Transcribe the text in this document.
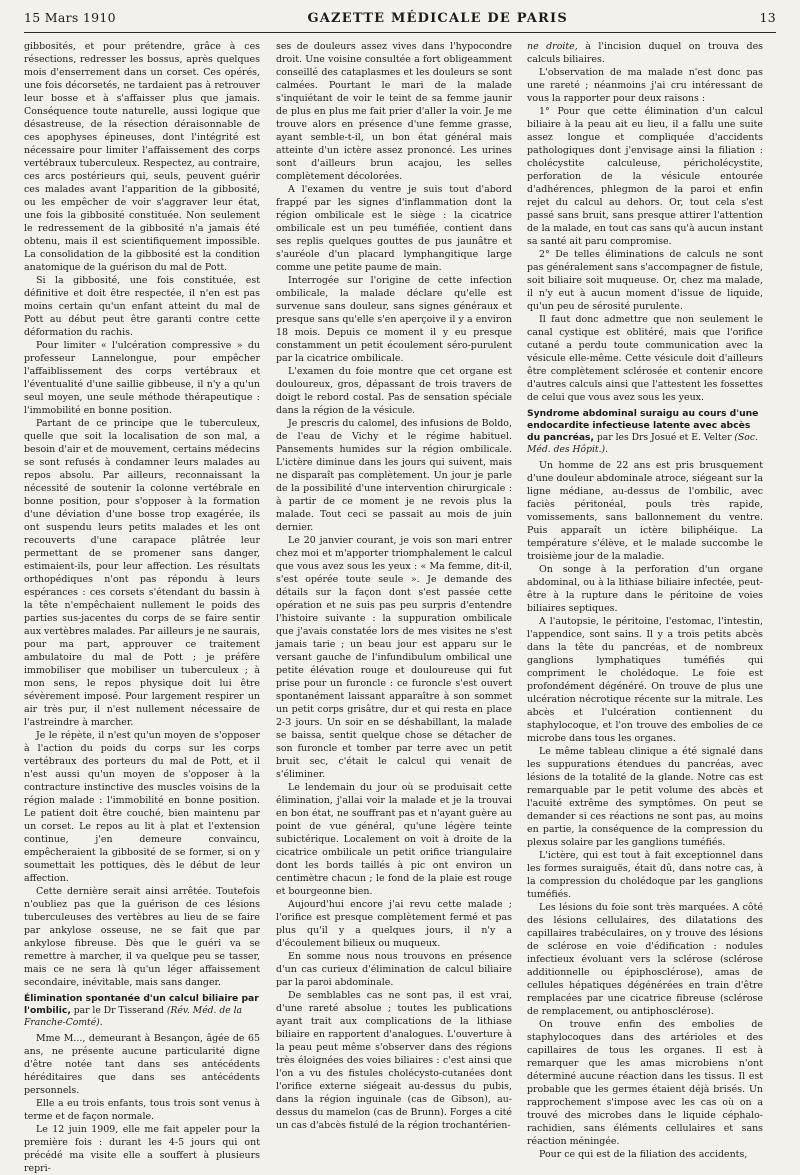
15 Mars 1910	GAZETTE MÉDICALE DE PARIS	13

gibbosités, et pour prétendre, grâce à ces résections, redresser les bossus, après quelques mois d'enserrement dans un corset. Ces opérés, une fois décorsetés, ne tardaient pas à retrouver leur bosse et à s'affaisser plus que jamais. Conséquence toute naturelle, aussi logique que désastreuse, de la résection déraisonnable de ces apophyses épineuses, dont l'intégrité est nécessaire pour limiter l'affaissement des corps vertébraux tuberculeux. Respectez, au contraire, ces arcs postérieurs qui, seuls, peuvent guérir ces malades avant l'apparition de la gibbosité, ou les empêcher de voir s'aggraver leur état, une fois la gibbosité constituée. Non seulement le redressement de la gibbosité n'a jamais été obtenu, mais il est scientifiquement impossible. La consolidation de la gibbosité est la condition anatomique de la guérison du mal de Pott.

Si la gibbosité, une fois constituée, est définitive et doit être respectée, il n'en est pas moins certain qu'un enfant atteint du mal de Pott au début peut être garanti contre cette déformation du rachis.

Pour limiter « l'ulcération compressive » du professeur Lannelongue, pour empêcher l'affaiblissement des corps vertébraux et l'éventualité d'une saillie gibbeuse, il n'y a qu'un seul moyen, une seule méthode thérapeutique : l'immobilité en bonne position.

Partant de ce principe que le tuberculeux, quelle que soit la localisation de son mal, a besoin d'air et de mouvement, certains médecins se sont refusés à condamner leurs malades au repos absolu. Par ailleurs, reconnaissant la nécessité de soutenir la colonne vertébrale en bonne position, pour s'opposer à la formation d'une déviation d'une bosse trop exagérée, ils ont suspendu leurs petits malades et les ont recouverts d'une carapace plâtrée leur permettant de se promener sans danger, estimaient-ils, pour leur affection. Les résultats orthopédiques n'ont pas répondu à leurs espérances : ces corsets s'étendant du bassin à la tête n'empêchaient nullement le poids des parties sus-jacentes du corps de se faire sentir aux vertèbres malades. Par ailleurs je ne saurais, pour ma part, approuver ce traitement ambulatoire du mal de Pott ; je préfère immobiliser que mobiliser un tuberculeux ; à mon sens, le repos physique doit lui être sévèrement imposé. Pour largement respirer un air très pur, il n'est nullement nécessaire de l'astreindre à marcher.

Je le répète, il n'est qu'un moyen de s'opposer à l'action du poids du corps sur les corps vertébraux des porteurs du mal de Pott, et il n'est aussi qu'un moyen de s'opposer à la contracture instinctive des muscles voisins de la région malade : l'immobilité en bonne position. Le patient doit être couché, bien maintenu par un corset. Le repos au lit à plat et l'extension continue, j'en demeure convaincu, empêcheraient la gibbosité de se former, si on y soumettait les pottiques, dès le début de leur affection.

Cette dernière serait ainsi arrêtée. Toutefois n'oubliez pas que la guérison de ces lésions tuberculeuses des vertèbres au lieu de se faire par ankylose osseuse, ne se fait que par ankylose fibreuse. Dès que le guéri va se remettre à marcher, il va quelque peu se tasser, mais ce ne sera là qu'un léger affaissement secondaire, inévitable, mais sans danger.

Élimination spontanée d'un calcul biliaire par l'ombilic, par le Dr Tisserand (Rév. Méd. de la Franche-Comté).

Mme M..., demeurant à Besançon, âgée de 65 ans, ne présente aucune particularité digne d'être notée tant dans ses antécédents héréditaires que dans ses antécédents personnels.

Elle a eu trois enfants, tous trois sont venus à terme et de façon normale.

Le 12 juin 1909, elle me fait appeler pour la première fois : durant les 4-5 jours qui ont précédé ma visite elle a souffert à plusieurs repri-

ses de douleurs assez vives dans l'hypocondre droit. Une voisine consultée a fort obligeamment conseillé des cataplasmes et les douleurs se sont calmées. Pourtant le mari de la malade s'inquiétant de voir le teint de sa femme jaunir de plus en plus me fait prier d'aller la voir. Je me trouve alors en présence d'une femme grasse, ayant semble-t-il, un bon état général mais atteinte d'un ictère assez prononcé. Les urines sont d'ailleurs brun acajou, les selles complètement décolorées.

A l'examen du ventre je suis tout d'abord frappé par les signes d'inflammation dont la région ombilicale est le siège : la cicatrice ombilicale est un peu tuméfiée, contient dans ses replis quelques gouttes de pus jaunâtre et s'auréole d'un placard lymphangitique large comme une petite paume de main.

Interrogée sur l'origine de cette infection ombilicale, la malade déclare qu'elle est survenue sans douleur, sans signes généraux et presque sans qu'elle s'en aperçoive il y a environ 18 mois. Depuis ce moment il y eu presque constamment un petit écoulement séro-purulent par la cicatrice ombilicale.

L'examen du foie montre que cet organe est douloureux, gros, dépassant de trois travers de doigt le rebord costal. Pas de sensation spéciale dans la région de la vésicule.

Je prescris du calomel, des infusions de Boldo, de l'eau de Vichy et le régime habituel. Pansements humides sur la région ombilicale. L'ictère diminue dans les jours qui suivent, mais ne disparaît pas complètement. Un jour je parle de la possibilité d'une intervention chirurgicale : à partir de ce moment je ne revois plus la malade. Tout ceci se passait au mois de juin dernier.

Le 20 janvier courant, je vois son mari entrer chez moi et m'apporter triomphalement le calcul que vous avez sous les yeux : « Ma femme, dit-il, s'est opérée toute seule ». Je demande des détails sur la façon dont s'est passée cette opération et ne suis pas peu surpris d'entendre l'histoire suivante : la suppuration ombilicale que j'avais constatée lors de mes visites ne s'est jamais tarie ; un beau jour est apparu sur le versant gauche de l'infundibulum ombilical une petite élévation rouge et douloureuse qui fut prise pour un furoncle : ce furoncle s'est ouvert spontanément laissant apparaître à son sommet un petit corps grisâtre, dur et qui resta en place 2-3 jours. Un soir en se déshabillant, la malade se baissa, sentit quelque chose se détacher de son furoncle et tomber par terre avec un petit bruit sec, c'était le calcul qui venait de s'éliminer.

Le lendemain du jour où se produisait cette élimination, j'allai voir la malade et je la trouvai en bon état, ne souffrant pas et n'ayant guère au point de vue général, qu'une légère teinte subictérique. Localement on voit à droite de la cicatrice ombilicale un petit orifice triangulaire dont les bords taillés à pic ont environ un centimètre chacun ; le fond de la plaie est rouge et bourgeonne bien.

Aujourd'hui encore j'ai revu cette malade ; l'orifice est presque complètement fermé et pas plus qu'il y a quelques jours, il n'y a d'écoulement bilieux ou muqueux.

En somme nous nous trouvons en présence d'un cas curieux d'élimination de calcul biliaire par la paroi abdominale.

De semblables cas ne sont pas, il est vrai, d'une rareté absolue ; toutes les publications ayant trait aux complications de la lithiase biliaire en rapportent d'analogues. L'ouverture à la peau peut même s'observer dans des régions très éloignées des voies biliaires : c'est ainsi que l'on a vu des fistules cholécysto-cutanées dont l'orifice externe siégeait au-dessus du pubis, dans la région inguinale (cas de Gibson), au-dessus du mamelon (cas de Brunn). Forges a cité un cas d'abcès fistulé de la région trochantérien-

ne droite, à l'incision duquel on trouva des calculs biliaires.

L'observation de ma malade n'est donc pas une rareté ; néanmoins j'ai cru intéressant de vous la rapporter pour deux raisons :

1° Pour que cette élimination d'un calcul biliaire à la peau ait eu lieu, il a fallu une suite assez longue et compliquée d'accidents pathologiques dont j'envisage ainsi la filiation : cholécystite calculeuse, péricholécystite, perforation de la vésicule entourée d'adhérences, phlegmon de la paroi et enfin rejet du calcul au dehors. Or, tout cela s'est passé sans bruit, sans presque attirer l'attention de la malade, en tout cas sans qu'à aucun instant sa santé ait paru compromise.

2° De telles éliminations de calculs ne sont pas généralement sans s'accompagner de fistule, soit biliaire soit muqueuse. Or, chez ma malade, il n'y eut à aucun moment d'issue de liquide, qu'un peu de sérosité purulente.

Il faut donc admettre que non seulement le canal cystique est oblitéré, mais que l'orifice cutané a perdu toute communication avec la vésicule elle-même. Cette vésicule doit d'ailleurs être complètement sclérosée et contenir encore d'autres calculs ainsi que l'attestent les fossettes de celui que vous avez sous les yeux.

Syndrome abdominal suraigu au cours d'une endocardite infectieuse latente avec abcès du pancréas, par les Drs Josué et E. Velter (Soc. Méd. des Hôpit.).

Un homme de 22 ans est pris brusquement d'une douleur abdominale atroce, siégeant sur la ligne médiane, au-dessus de l'ombilic, avec faciès péritonéal, pouls très rapide, vomissements, sans ballonnement du ventre. Puis apparaît un ictère biliphéique. La température s'élève, et le malade succombe le troisième jour de la maladie.

On songe à la perforation d'un organe abdominal, ou à la lithiase biliaire infectée, peut-être à la rupture dans le péritoine de voies biliaires septiques.

A l'autopsie, le péritoine, l'estomac, l'intestin, l'appendice, sont sains. Il y a trois petits abcès dans la tête du pancréas, et de nombreux ganglions lymphatiques tuméfiés qui compriment le cholédoque. Le foie est profondément dégénéré. On trouve de plus une ulcération nécrotique récente sur la mitrale. Les abcès et l'ulcération contiennent du staphylocoque, et l'on trouve des embolies de ce microbe dans tous les organes.

Le même tableau clinique a été signalé dans les suppurations étendues du pancréas, avec lésions de la totalité de la glande. Notre cas est remarquable par le petit volume des abcès et l'acuité extrême des symptômes. On peut se demander si ces réactions ne sont pas, au moins en partie, la conséquence de la compression du plexus solaire par les ganglions tuméfiés.

L'ictère, qui est tout à fait exceptionnel dans les formes suraiguës, était dû, dans notre cas, à la compression du cholédoque par les ganglions tuméfiés.

Les lésions du foie sont très marquées. A côté des lésions cellulaires, des dilatations des capillaires trabéculaires, on y trouve des lésions de sclérose en voie d'édification : nodules infectieux évoluant vers la sclérose (sclérose additionnelle ou épiphosclérose), amas de cellules hépatiques dégénérées en train d'être remplacées par une cicatrice fibreuse (sclérose de remplacement, ou antiphosclérose).

On trouve enfin des embolies de staphylocoques dans des artérioles et des capillaires de tous les organes. Il est à remarquer que les amas microbiens n'ont déterminé aucune réaction dans les tissus. Il est probable que les germes étaient déjà brisés. Un rapprochement s'impose avec les cas où on a trouvé des microbes dans le liquide céphalo-rachidien, sans éléments cellulaires et sans réaction méningée.

Pour ce qui est de la filiation des accidents,
